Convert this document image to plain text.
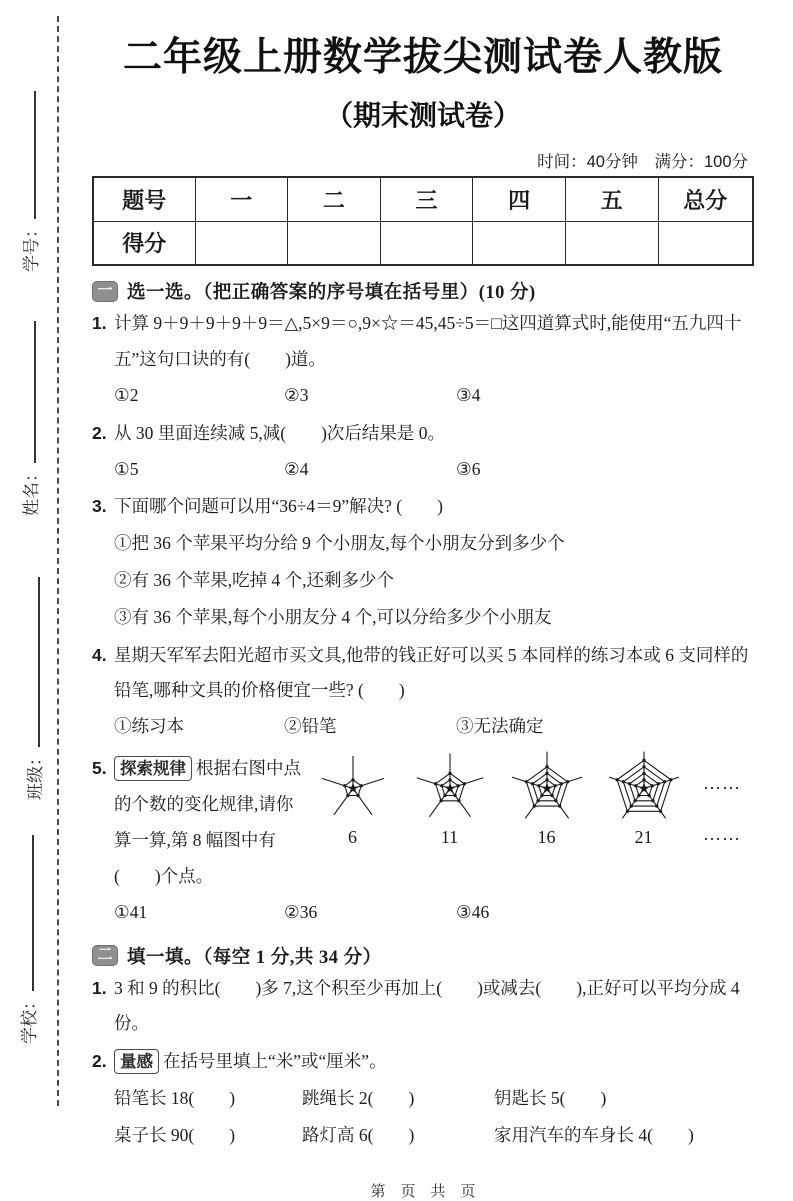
学号：
姓名：
班级：
学校：
二年级上册数学拔尖测试卷人教版
（期末测试卷）
时间：40分钟　满分：100分
题号	一	二	三	四	五	总分
得分						
一 选一选。（把正确答案的序号填在括号里）(10 分)
1. 计算 9＋9＋9＋9＋9＝△,5×9＝○,9×☆＝45,45÷5＝□这四道算式时,能使用“五九四十五”这句口诀的有(　　)道。
①2	②3	③4
2. 从 30 里面连续减 5,减(　　)次后结果是 0。
①5	②4	③6
3. 下面哪个问题可以用“36÷4＝9”解决? (　　)
①把 36 个苹果平均分给 9 个小朋友,每个小朋友分到多少个
②有 36 个苹果,吃掉 4 个,还剩多少个
③有 36 个苹果,每个小朋友分 4 个,可以分给多少个小朋友
4. 星期天军军去阳光超市买文具,他带的钱正好可以买 5 本同样的练习本或 6 支同样的铅笔,哪种文具的价格便宜一些? (　　)
①练习本	②铅笔	③无法确定
5. 探索规律 根据右图中点的个数的变化规律,请你算一算,第 8 幅图中有(　　)个点。
6	11	16	21
……
……
①41	②36	③46
二 填一填。（每空 1 分,共 34 分）
1. 3 和 9 的积比(　　)多 7,这个积至少再加上(　　)或减去(　　),正好可以平均分成 4 份。
2. 量感 在括号里填上“米”或“厘米”。
铅笔长 18(　　)	跳绳长 2(　　)	钥匙长 5(　　)
桌子长 90(　　)	路灯高 6(　　)	家用汽车的车身长 4(　　)
第　页　共　页
